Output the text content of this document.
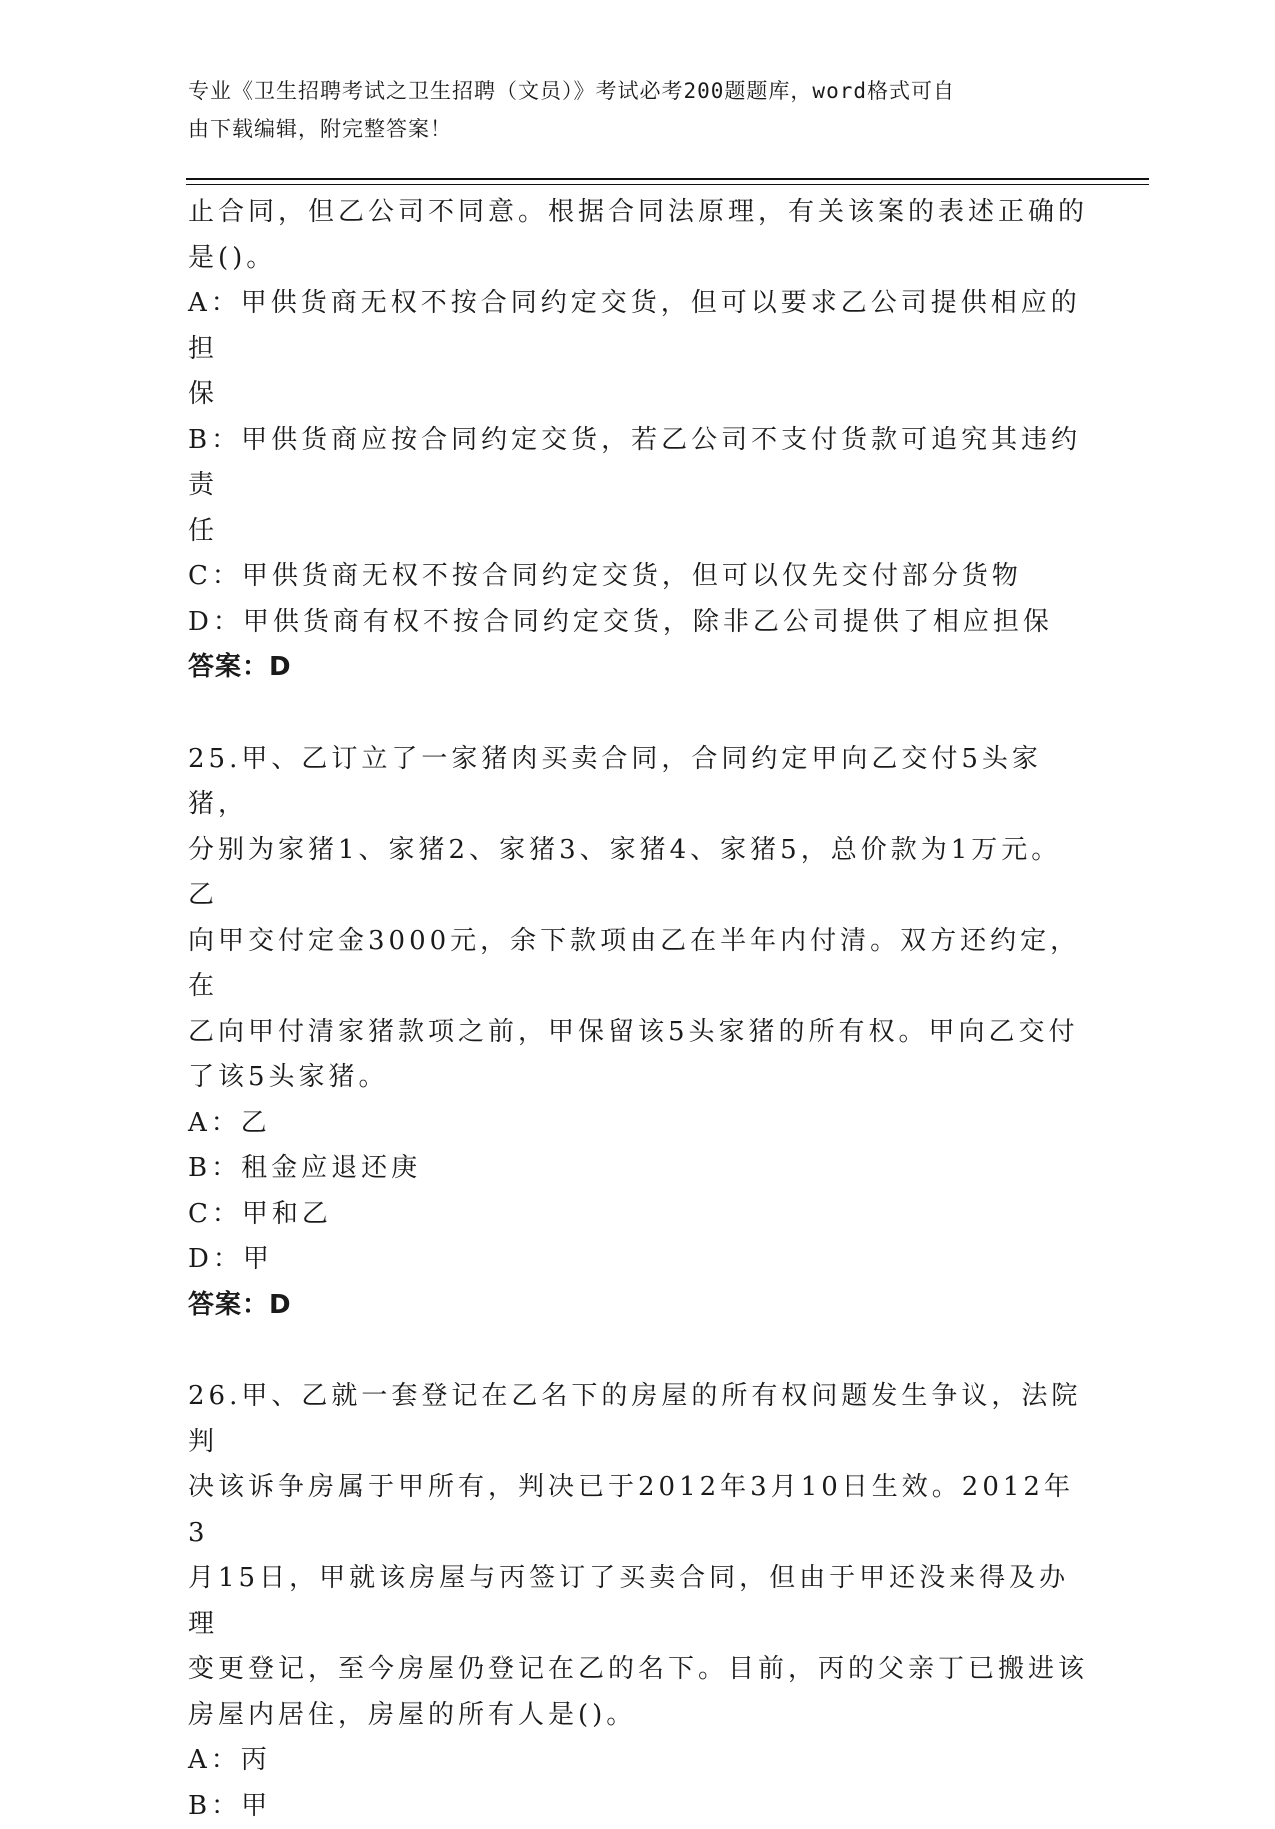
专业《卫生招聘考试之卫生招聘（文员）》考试必考200题题库，word格式可自
由下载编辑，附完整答案！

止合同，但乙公司不同意。根据合同法原理，有关该案的表述正确的

是()。

A：甲供货商无权不按合同约定交货，但可以要求乙公司提供相应的担

保

B：甲供货商应按合同约定交货，若乙公司不支付货款可追究其违约责

任

C：甲供货商无权不按合同约定交货，但可以仅先交付部分货物

D：甲供货商有权不按合同约定交货，除非乙公司提供了相应担保

答案：D

25.甲、乙订立了一家猪肉买卖合同，合同约定甲向乙交付5头家猪，

分别为家猪1、家猪2、家猪3、家猪4、家猪5，总价款为1万元。乙

向甲交付定金3000元，余下款项由乙在半年内付清。双方还约定，在

乙向甲付清家猪款项之前，甲保留该5头家猪的所有权。甲向乙交付

了该5头家猪。

A：乙

B：租金应退还庚

C：甲和乙

D：甲

答案：D

26.甲、乙就一套登记在乙名下的房屋的所有权问题发生争议，法院判

决该诉争房属于甲所有，判决已于2012年3月10日生效。2012年3

月15日，甲就该房屋与丙签订了买卖合同，但由于甲还没来得及办理

变更登记，至今房屋仍登记在乙的名下。目前，丙的父亲丁已搬进该

房屋内居住，房屋的所有人是()。

A：丙

B：甲
